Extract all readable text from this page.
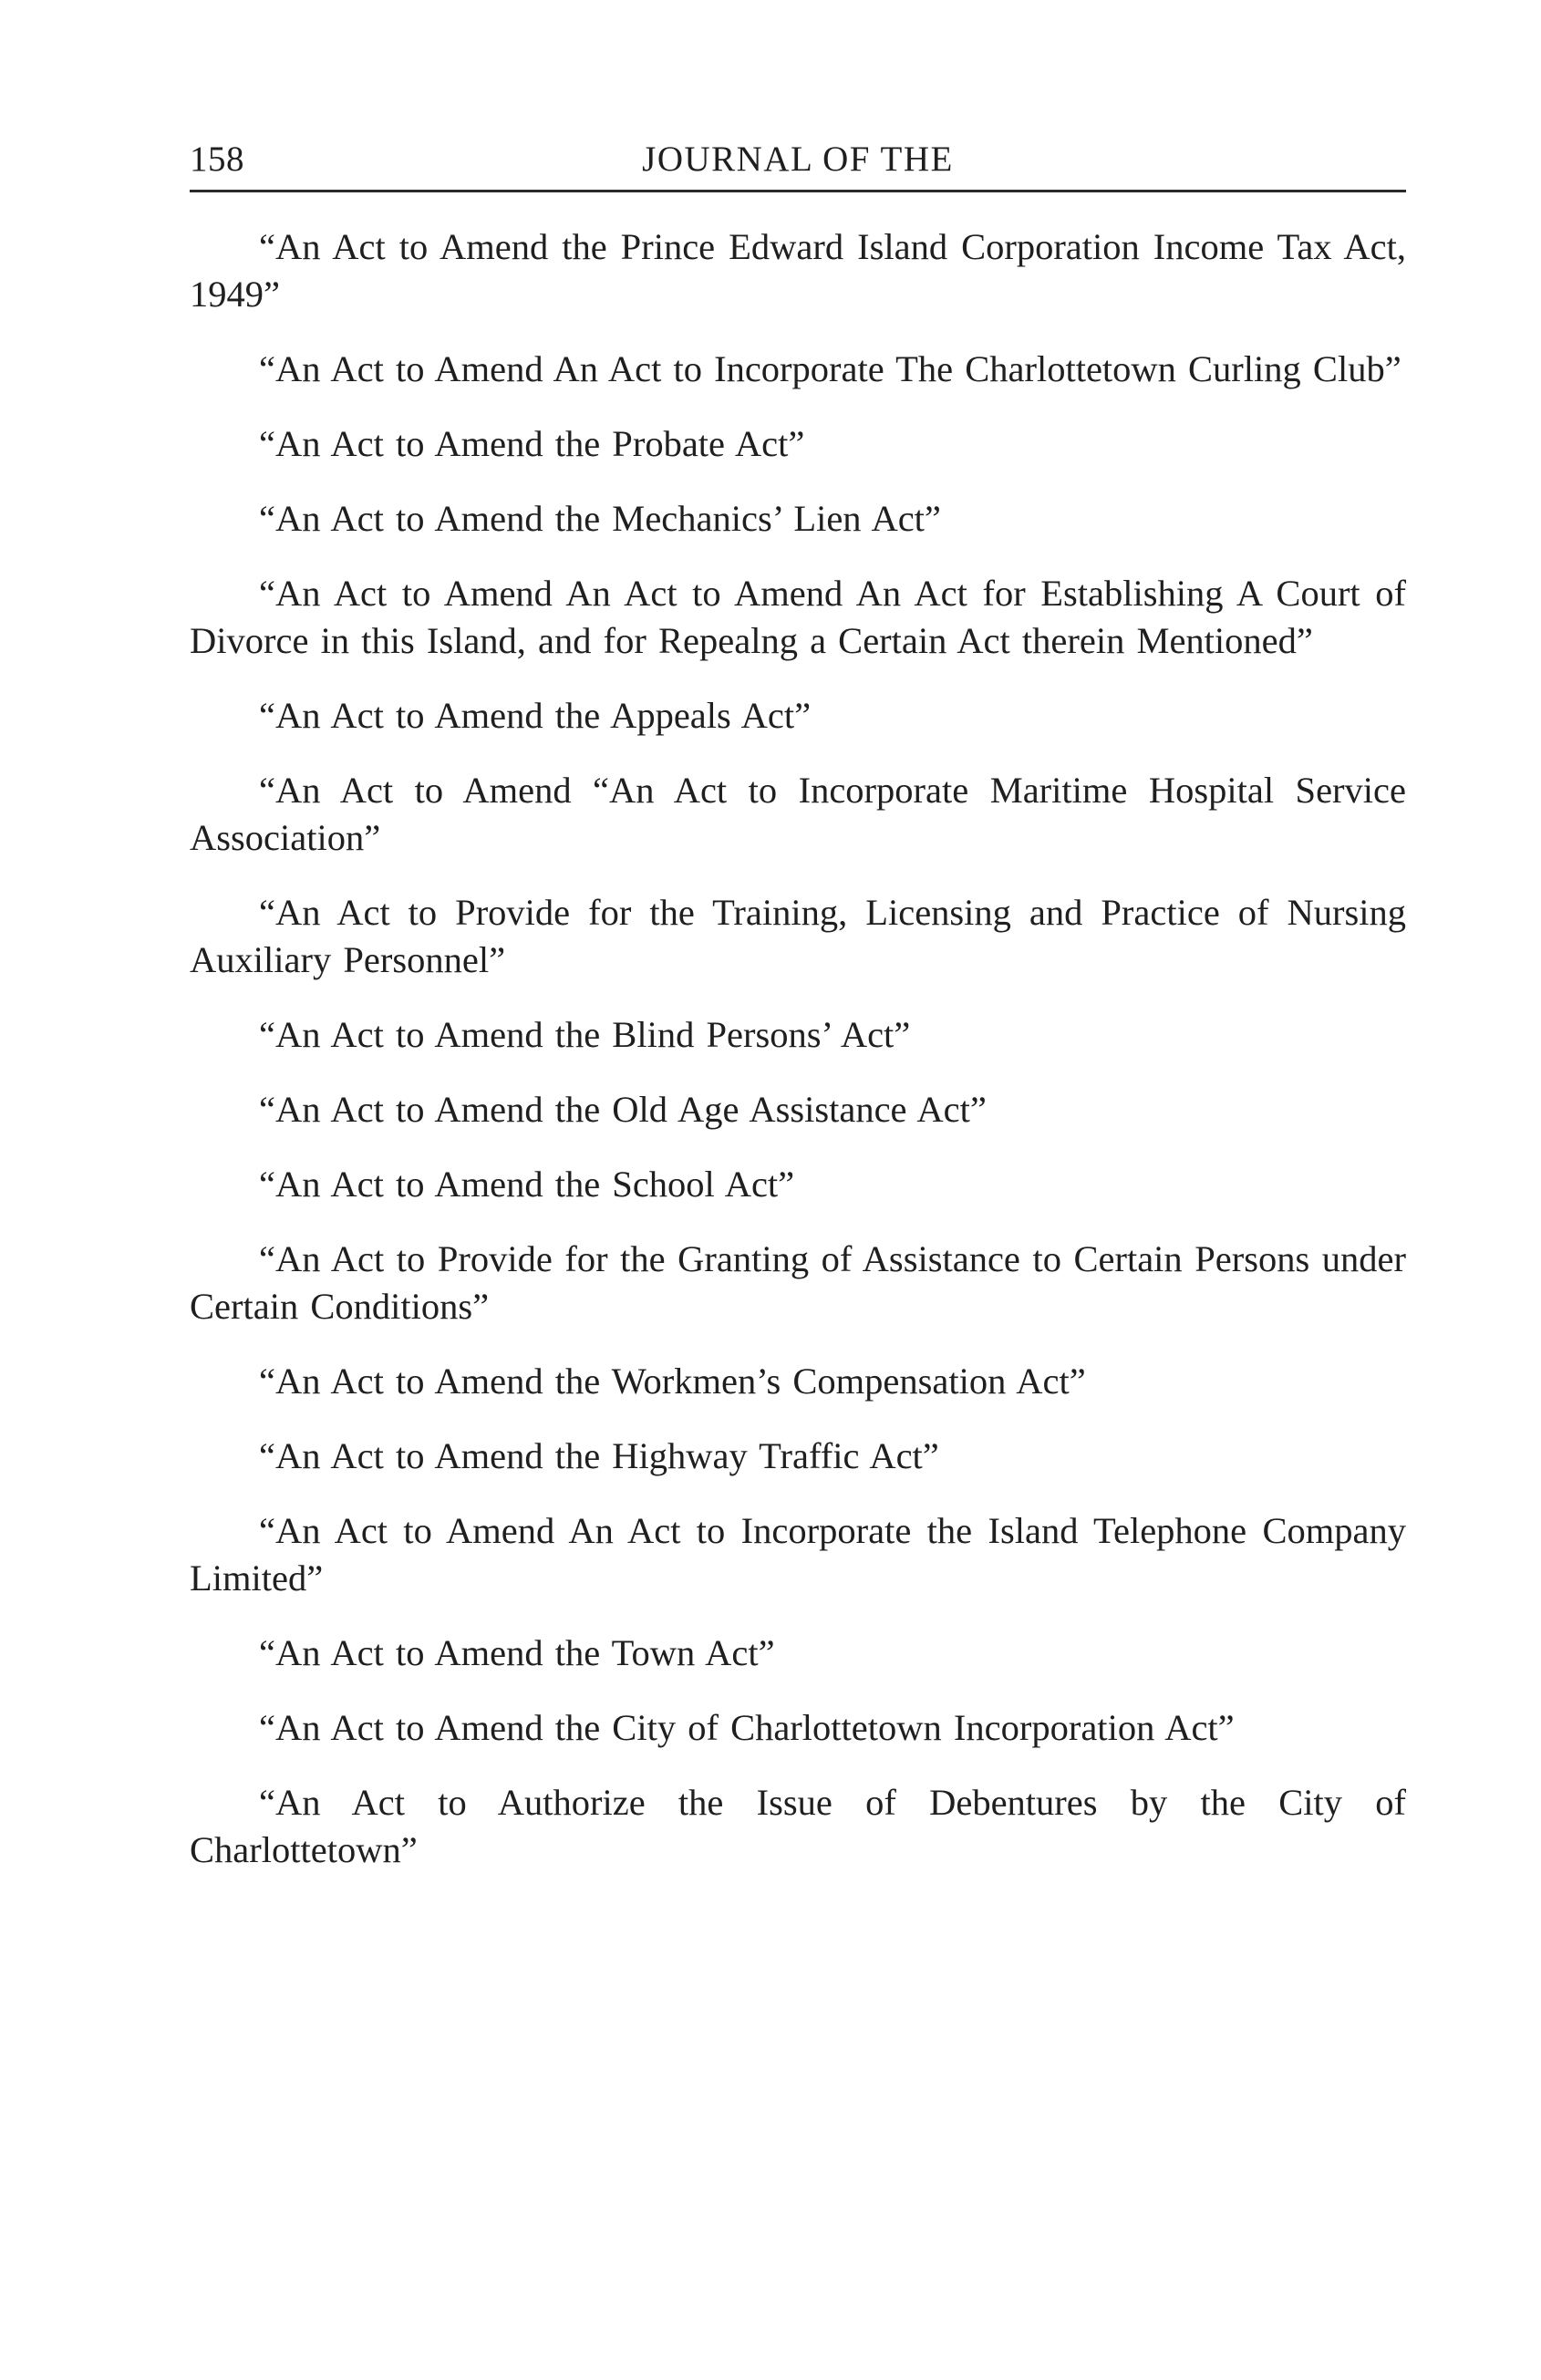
158	JOURNAL OF THE
“An Act to Amend the Prince Edward Island Corporation Income Tax Act, 1949”
“An Act to Amend An Act to Incorporate The Charlottetown Curling Club”
“An Act to Amend the Probate Act”
“An Act to Amend the Mechanics’ Lien Act”
“An Act to Amend An Act to Amend An Act for Establishing A Court of Divorce in this Island, and for Repealng a Certain Act therein Mentioned”
“An Act to Amend the Appeals Act”
“An Act to Amend “An Act to Incorporate Maritime Hospital Service Association”
“An Act to Provide for the Training, Licensing and Practice of Nursing Auxiliary Personnel”
“An Act to Amend the Blind Persons’ Act”
“An Act to Amend the Old Age Assistance Act”
“An Act to Amend the School Act”
“An Act to Provide for the Granting of Assistance to Certain Persons under Certain Conditions”
“An Act to Amend the Workmen’s Compensation Act”
“An Act to Amend the Highway Traffic Act”
“An Act to Amend An Act to Incorporate the Island Telephone Company Limited”
“An Act to Amend the Town Act”
“An Act to Amend the City of Charlottetown Incorporation Act”
“An Act to Authorize the Issue of Debentures by the City of Charlottetown”
